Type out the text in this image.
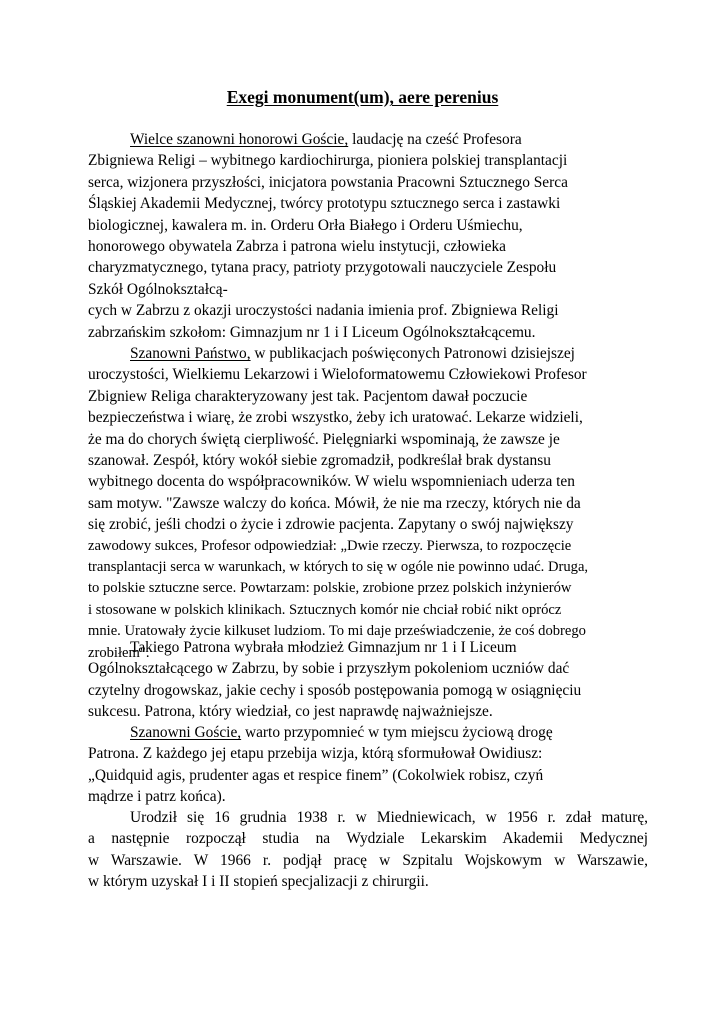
Exegi monument(um), aere perenius
Wielce szanowni honorowi Goście, laudację na cześć Profesora
Zbigniewa Religi – wybitnego kardiochirurga, pioniera polskiej transplantacji
serca, wizjonera przyszłości, inicjatora powstania Pracowni Sztucznego Serca
Śląskiej Akademii Medycznej, twórcy prototypu sztucznego serca i zastawki
biologicznej, kawalera m. in. Orderu Orła Białego i Orderu Uśmiechu,
honorowego obywatela Zabrza i patrona wielu instytucji, człowieka
charyzmatycznego, tytana pracy, patrioty przygotowali nauczyciele Zespołu
Szkół Ogólnokształcą-
cych w Zabrzu z okazji uroczystości nadania imienia prof. Zbigniewa Religi
zabrzańskim szkołom: Gimnazjum nr 1 i I Liceum Ogólnokształcącemu.
Szanowni Państwo, w publikacjach poświęconych Patronowi dzisiejszej
uroczystości, Wielkiemu Lekarzowi i Wieloformatowemu Człowiekowi Profesor
Zbigniew Religa charakteryzowany jest tak. Pacjentom dawał poczucie
bezpieczeństwa i wiarę, że zrobi wszystko, żeby ich uratować. Lekarze widzieli,
że ma do chorych świętą cierpliwość. Pielęgniarki wspominają, że zawsze je
szanował. Zespół, który wokół siebie zgromadził, podkreślał brak dystansu
wybitnego docenta do współpracowników. W wielu wspomnieniach uderza ten
sam motyw. "Zawsze walczy do końca. Mówił, że nie ma rzeczy, których nie da
się zrobić, jeśli chodzi o życie i zdrowie pacjenta. Zapytany o swój największy
zawodowy sukces, Profesor odpowiedział: „Dwie rzeczy. Pierwsza, to rozpoczęcie
transplantacji serca w warunkach, w których to się w ogóle nie powinno udać. Druga,
to polskie sztuczne serce. Powtarzam: polskie, zrobione przez polskich inżynierów
i stosowane w polskich klinikach. Sztucznych komór nie chciał robić nikt oprócz
mnie. Uratowały życie kilkuset ludziom. To mi daje przeświadczenie, że coś dobrego
zrobiłem".
Takiego Patrona wybrała młodzież Gimnazjum nr 1 i I Liceum
Ogólnokształcącego w Zabrzu, by sobie i przyszłym pokoleniom uczniów dać
czytelny drogowskaz, jakie cechy i sposób postępowania pomogą w osiągnięciu
sukcesu. Patrona, który wiedział, co jest naprawdę najważniejsze.
Szanowni Goście, warto przypomnieć w tym miejscu życiową drogę
Patrona. Z każdego jej etapu przebija wizja, którą sformułował Owidiusz:
„Quidquid agis, prudenter agas et respice finem” (Cokolwiek robisz, czyń
mądrze i patrz końca).
Urodził się 16 grudnia 1938 r. w Miedniewicach, w 1956 r. zdał maturę,
a następnie rozpoczął studia na Wydziale Lekarskim Akademii Medycznej
w Warszawie. W 1966 r. podjął pracę w Szpitalu Wojskowym w Warszawie,
w którym uzyskał I i II stopień specjalizacji z chirurgii.
